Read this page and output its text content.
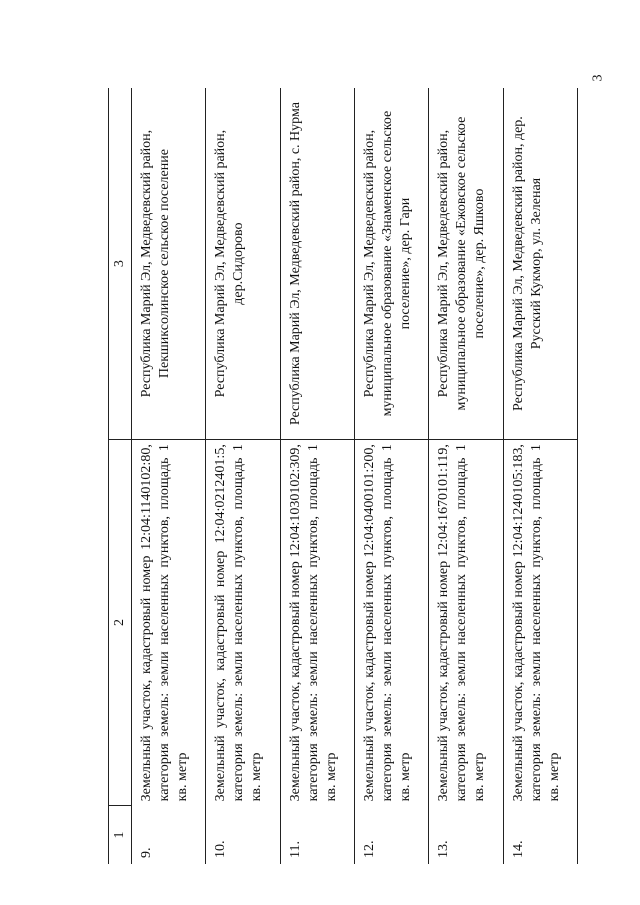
3
1	2	3
9.	Земельный участок, кадастровый номер 12:04:1140102:80, категория земель: земли населенных пунктов, площадь 1 кв. метр	Республика Марий Эл, Медведевский район, Пекшиксолинское сельское поселение
10.	Земельный участок, кадастровый номер 12:04:0212401:5, категория земель: земли населенных пунктов, площадь 1 кв. метр	Республика Марий Эл, Медведевский район, дер.Сидорово
11.	Земельный участок, кадастровый номер 12:04:1030102:309, категория земель: земли населенных пунктов, площадь 1 кв. метр	Республика Марий Эл, Медведевский район, с. Нурма
12.	Земельный участок, кадастровый номер 12:04:0400101:200, категория земель: земли населенных пунктов, площадь 1 кв. метр	Республика Марий Эл, Медведевский район, муниципальное образование «Знаменское сельское поселение», дер. Гари
13.	Земельный участок, кадастровый номер 12:04:1670101:119, категория земель: земли населенных пунктов, площадь 1 кв. метр	Республика Марий Эл, Медведевский район, муниципальное образование «Ежовское сельское поселение», дер. Яшково
14.	Земельный участок, кадастровый номер 12:04:1240105:183, категория земель: земли населенных пунктов, площадь 1 кв. метр	Республика Марий Эл, Медведевский район, дер. Русский Кукмор, ул. Зеленая
